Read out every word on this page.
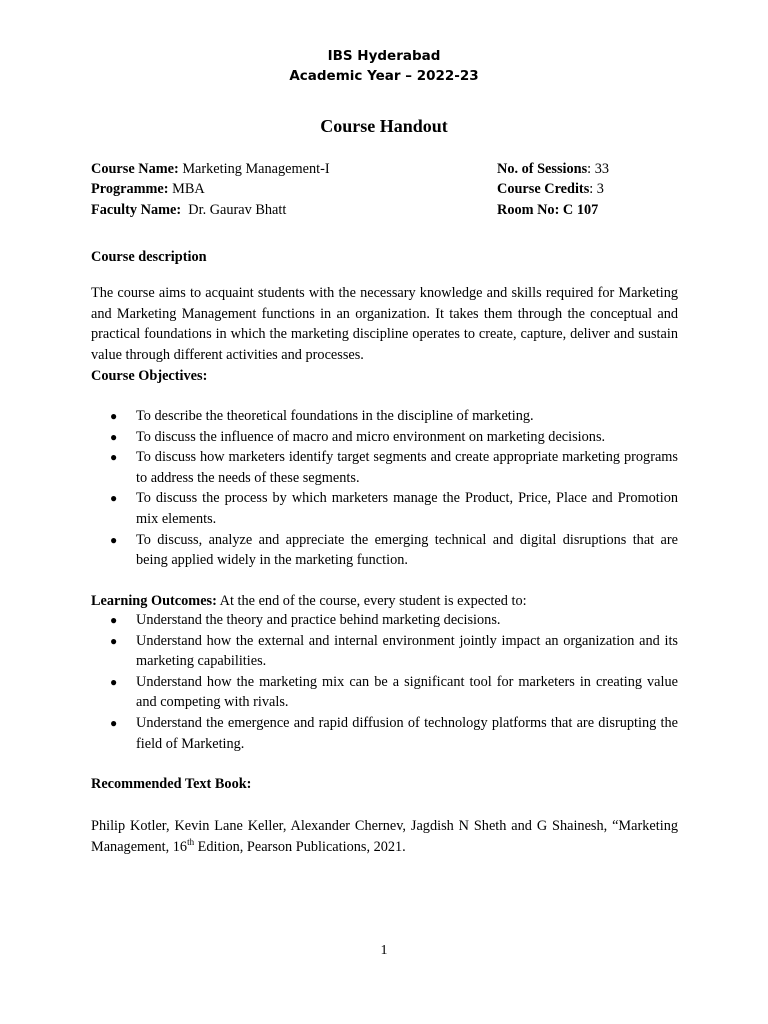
IBS Hyderabad
Academic Year – 2022-23
Course Handout
Course Name: Marketing Management-I
Programme: MBA
Faculty Name:  Dr. Gaurav Bhatt
No. of Sessions: 33
Course Credits: 3
Room No: C 107
Course description
The course aims to acquaint students with the necessary knowledge and skills required for Marketing and Marketing Management functions in an organization. It takes them through the conceptual and practical foundations in which the marketing discipline operates to create, capture, deliver and sustain value through different activities and processes.
Course Objectives:
● To describe the theoretical foundations in the discipline of marketing.
● To discuss the influence of macro and micro environment on marketing decisions.
● To discuss how marketers identify target segments and create appropriate marketing programs to address the needs of these segments.
● To discuss the process by which marketers manage the Product, Price, Place and Promotion mix elements.
● To discuss, analyze and appreciate the emerging technical and digital disruptions that are being applied widely in the marketing function.
Learning Outcomes: At the end of the course, every student is expected to:
● Understand the theory and practice behind marketing decisions.
● Understand how the external and internal environment jointly impact an organization and its marketing capabilities.
● Understand how the marketing mix can be a significant tool for marketers in creating value and competing with rivals.
● Understand the emergence and rapid diffusion of technology platforms that are disrupting the field of Marketing.
Recommended Text Book:
Philip Kotler, Kevin Lane Keller, Alexander Chernev, Jagdish N Sheth and G Shainesh, “Marketing Management, 16th Edition, Pearson Publications, 2021.
1
